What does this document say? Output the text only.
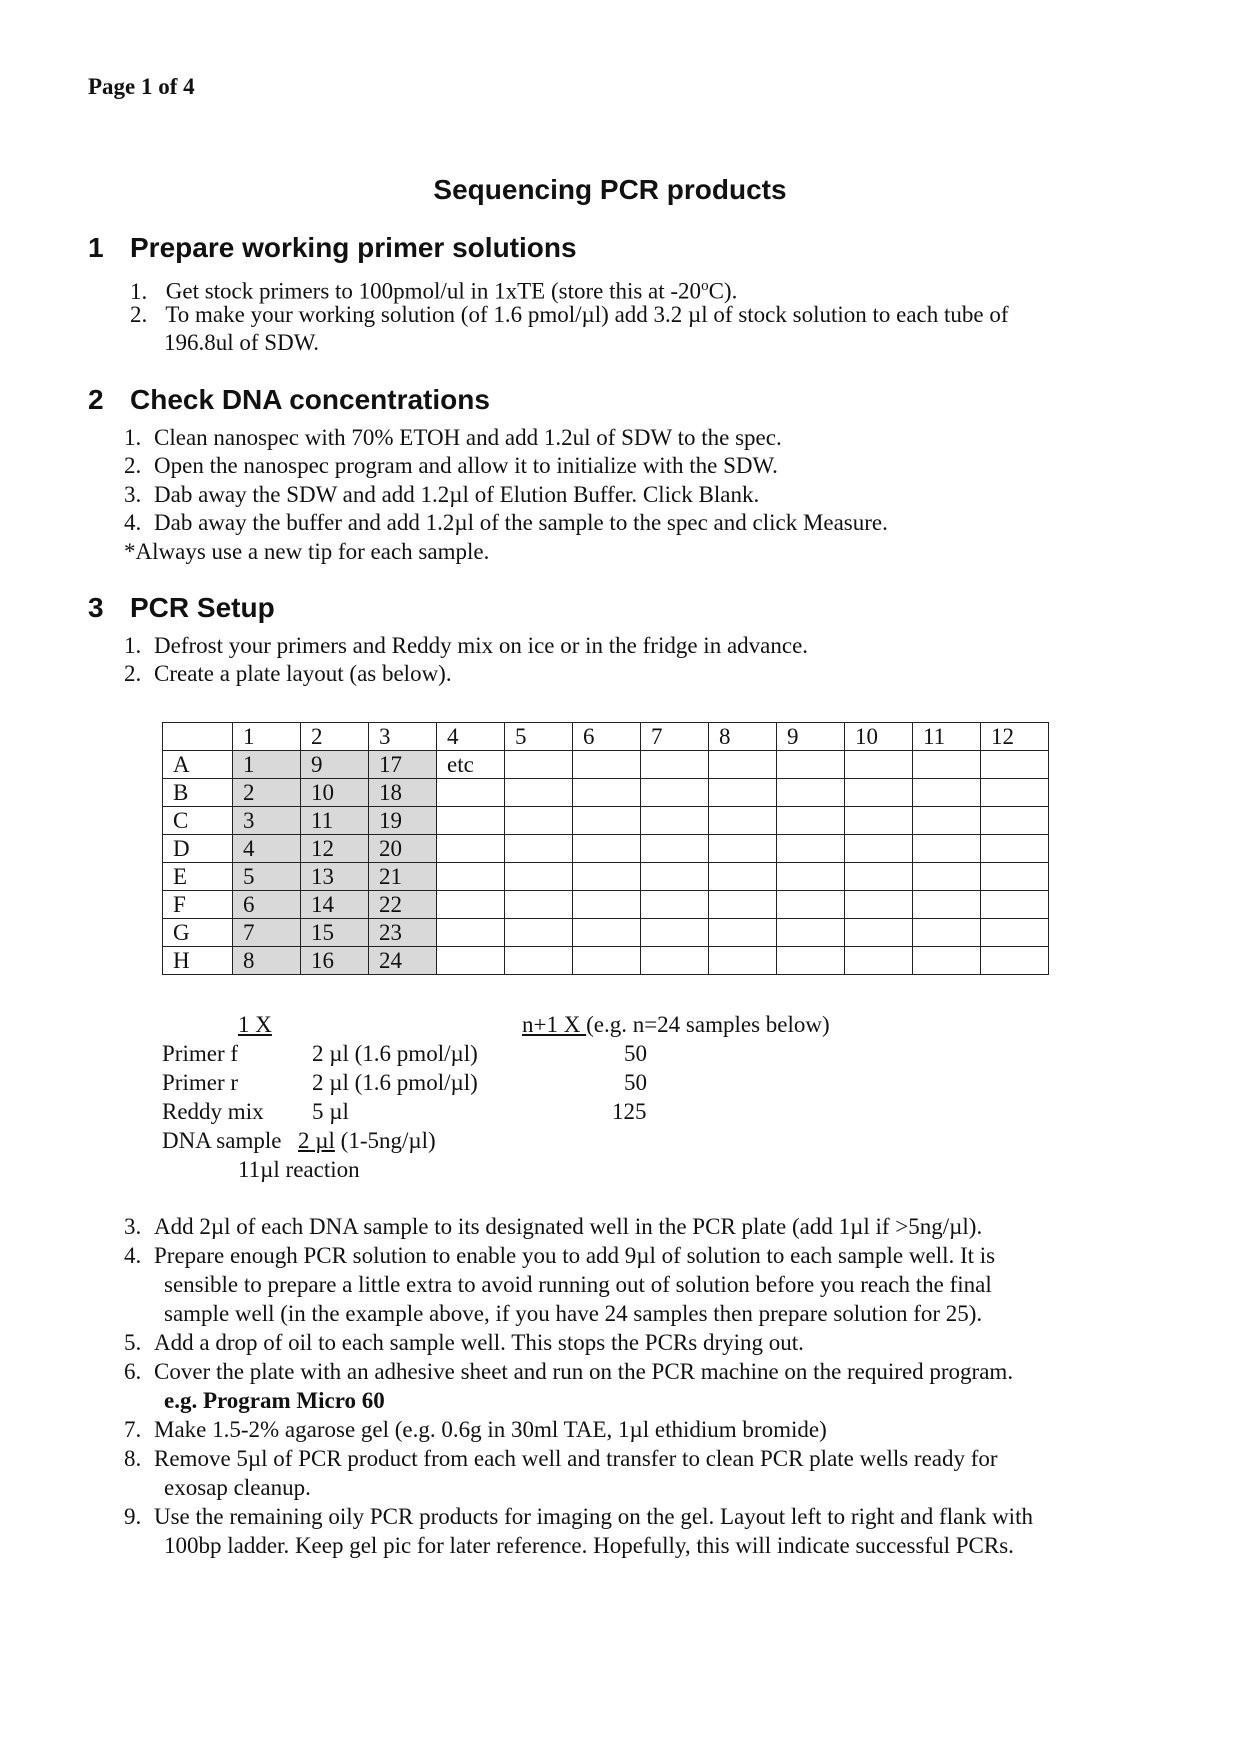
Page 1 of 4
Sequencing PCR products
1 Prepare working primer solutions
1. Get stock primers to 100pmol/ul in 1xTE (store this at -20$^o$C).
2. To make your working solution (of 1.6 pmol/µl) add 3.2 µl of stock solution to each tube of
196.8ul of SDW.
2 Check DNA concentrations
1. Clean nanospec with 70% ETOH and add 1.2ul of SDW to the spec.
2. Open the nanospec program and allow it to initialize with the SDW.
3. Dab away the SDW and add 1.2µl of Elution Buffer. Click Blank.
4. Dab away the buffer and add 1.2µl of the sample to the spec and click Measure.
*Always use a new tip for each sample.
3 PCR Setup
1. Defrost your primers and Reddy mix on ice or in the fridge in advance.
2. Create a plate layout (as below).
	1	2	3	4	5	6	7	8	9	10	11	12
A	1	9	17	etc								
B	2	10	18									
C	3	11	19									
D	4	12	20									
E	5	13	21									
F	6	14	22									
G	7	15	23									
H	8	16	24									
1 X	n+1 X (e.g. n=24 samples below)
Primer f	2 µl (1.6 pmol/µl)	50
Primer r	2 µl (1.6 pmol/µl)	50
Reddy mix 5 µl	125
DNA sample 2 µl (1-5ng/µl)
11µl reaction
3. Add 2µl of each DNA sample to its designated well in the PCR plate (add 1µl if >5ng/µl).
4. Prepare enough PCR solution to enable you to add 9µl of solution to each sample well. It is
sensible to prepare a little extra to avoid running out of solution before you reach the final
sample well (in the example above, if you have 24 samples then prepare solution for 25).
5. Add a drop of oil to each sample well. This stops the PCRs drying out.
6. Cover the plate with an adhesive sheet and run on the PCR machine on the required program.
e.g. Program Micro 60
7. Make 1.5-2% agarose gel (e.g. 0.6g in 30ml TAE, 1µl ethidium bromide)
8. Remove 5µl of PCR product from each well and transfer to clean PCR plate wells ready for
exosap cleanup.
9. Use the remaining oily PCR products for imaging on the gel. Layout left to right and flank with
100bp ladder. Keep gel pic for later reference. Hopefully, this will indicate successful PCRs.
